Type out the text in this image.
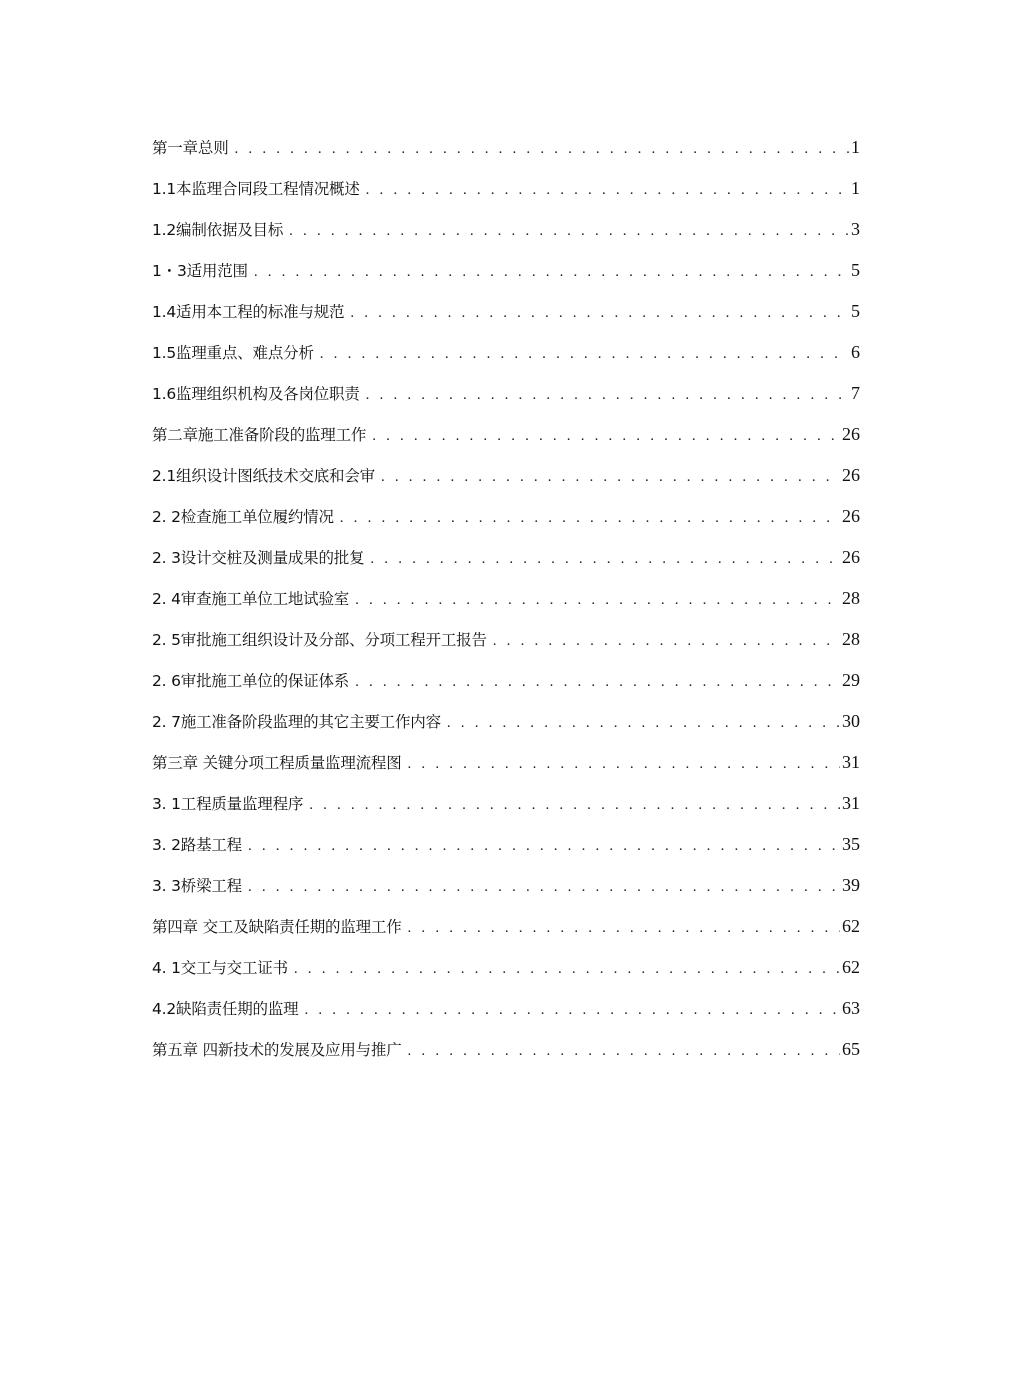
第一章总则 . . .	1
1.1本监理合同段工程情况概述 . . .	1
1.2编制依据及目标 . . .	3
1・3适用范围 . . .	5
1.4适用本工程的标准与规范 . . .	5
1.5监理重点、难点分析 . . .	6
1.6监理组织机构及各岗位职责 . . .	7
第二章施工准备阶段的监理工作 . . .	26
2.1组织设计图纸技术交底和会审 . . .	26
2. 2检查施工单位履约情况 . . .	26
2. 3设计交桩及测量成果的批复 . . .	26
2. 4审查施工单位工地试验室 . . .	28
2. 5审批施工组织设计及分部、分项工程开工报告 . . .	28
2. 6审批施工单位的保证体系 . . .	29
2. 7施工准备阶段监理的其它主要工作内容 . . .	30
第三章 关键分项工程质量监理流程图 . . .	31
3. 1工程质量监理程序 . . .	31
3. 2路基工程 . . .	35
3. 3桥梁工程 . . .	39
第四章 交工及缺陷责任期的监理工作 . . .	62
4. 1交工与交工证书 . . .	62
4.2缺陷责任期的监理 . . .	63
第五章 四新技术的发展及应用与推广 . . .	65
